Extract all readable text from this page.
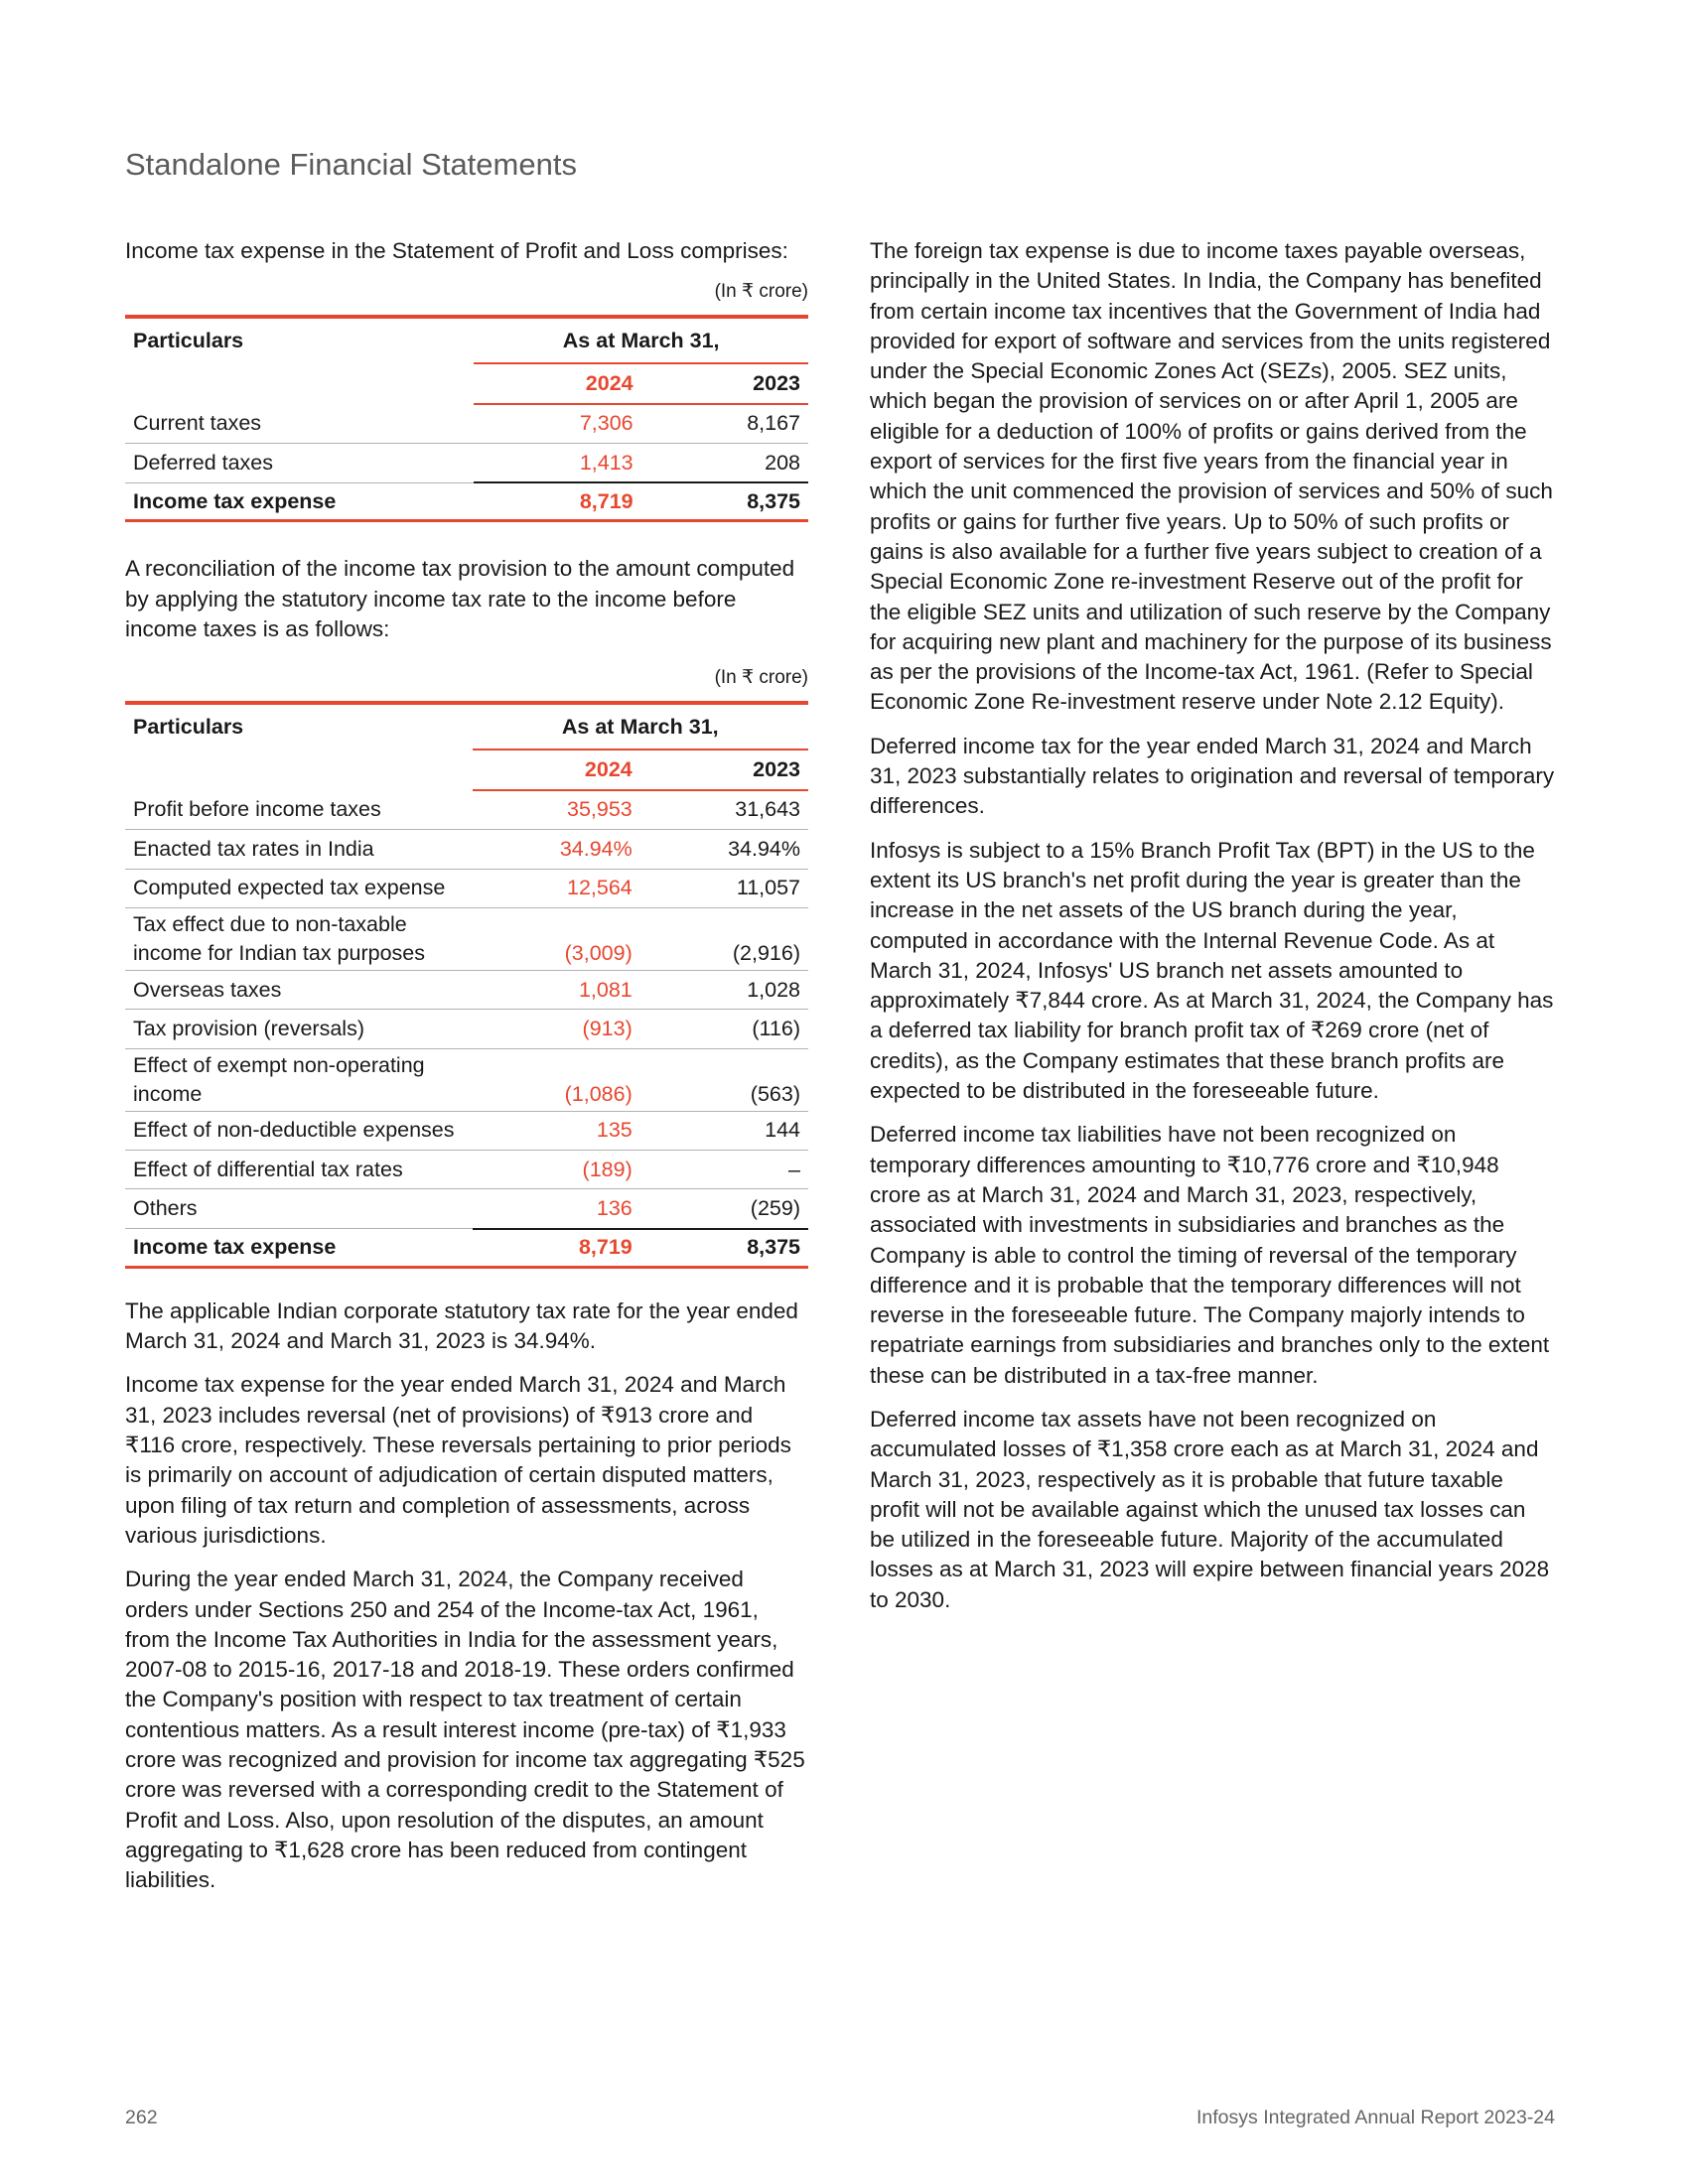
Standalone Financial Statements

Income tax expense in the Statement of Profit and Loss comprises:

(In ₹ crore)
Particulars	As at March 31,	
	2024	2023
Current taxes	7,306	8,167
Deferred taxes	1,413	208
Income tax expense	8,719	8,375

A reconciliation of the income tax provision to the amount computed by applying the statutory income tax rate to the income before income taxes is as follows:

(In ₹ crore)
Particulars	As at March 31,	
	2024	2023
Profit before income taxes	35,953	31,643
Enacted tax rates in India	34.94%	34.94%
Computed expected tax expense	12,564	11,057
Tax effect due to non-taxable income for Indian tax purposes	(3,009)	(2,916)
Overseas taxes	1,081	1,028
Tax provision (reversals)	(913)	(116)
Effect of exempt non-operating income	(1,086)	(563)
Effect of non-deductible expenses	135	144
Effect of differential tax rates	(189)	–
Others	136	(259)
Income tax expense	8,719	8,375

The applicable Indian corporate statutory tax rate for the year ended March 31, 2024 and March 31, 2023 is 34.94%.

Income tax expense for the year ended March 31, 2024 and March 31, 2023 includes reversal (net of provisions) of ₹913 crore and ₹116 crore, respectively. These reversals pertaining to prior periods is primarily on account of adjudication of certain disputed matters, upon filing of tax return and completion of assessments, across various jurisdictions.

During the year ended March 31, 2024, the Company received orders under Sections 250 and 254 of the Income-tax Act, 1961, from the Income Tax Authorities in India for the assessment years, 2007-08 to 2015-16, 2017-18 and 2018-19. These orders confirmed the Company's position with respect to tax treatment of certain contentious matters. As a result interest income (pre-tax) of ₹1,933 crore was recognized and provision for income tax aggregating ₹525 crore was reversed with a corresponding credit to the Statement of Profit and Loss. Also, upon resolution of the disputes, an amount aggregating to ₹1,628 crore has been reduced from contingent liabilities.

The foreign tax expense is due to income taxes payable overseas, principally in the United States. In India, the Company has benefited from certain income tax incentives that the Government of India had provided for export of software and services from the units registered under the Special Economic Zones Act (SEZs), 2005. SEZ units, which began the provision of services on or after April 1, 2005 are eligible for a deduction of 100% of profits or gains derived from the export of services for the first five years from the financial year in which the unit commenced the provision of services and 50% of such profits or gains for further five years. Up to 50% of such profits or gains is also available for a further five years subject to creation of a Special Economic Zone re-investment Reserve out of the profit for the eligible SEZ units and utilization of such reserve by the Company for acquiring new plant and machinery for the purpose of its business as per the provisions of the Income-tax Act, 1961. (Refer to Special Economic Zone Re-investment reserve under Note 2.12 Equity).

Deferred income tax for the year ended March 31, 2024 and March 31, 2023 substantially relates to origination and reversal of temporary differences.

Infosys is subject to a 15% Branch Profit Tax (BPT) in the US to the extent its US branch's net profit during the year is greater than the increase in the net assets of the US branch during the year, computed in accordance with the Internal Revenue Code. As at March 31, 2024, Infosys' US branch net assets amounted to approximately ₹7,844 crore. As at March 31, 2024, the Company has a deferred tax liability for branch profit tax of ₹269 crore (net of credits), as the Company estimates that these branch profits are expected to be distributed in the foreseeable future.

Deferred income tax liabilities have not been recognized on temporary differences amounting to ₹10,776 crore and ₹10,948 crore as at March 31, 2024 and March 31, 2023, respectively, associated with investments in subsidiaries and branches as the Company is able to control the timing of reversal of the temporary difference and it is probable that the temporary differences will not reverse in the foreseeable future. The Company majorly intends to repatriate earnings from subsidiaries and branches only to the extent these can be distributed in a tax-free manner.

Deferred income tax assets have not been recognized on accumulated losses of ₹1,358 crore each as at March 31, 2024 and March 31, 2023, respectively as it is probable that future taxable profit will not be available against which the unused tax losses can be utilized in the foreseeable future. Majority of the accumulated losses as at March 31, 2023 will expire between financial years 2028 to 2030.

262	Infosys Integrated Annual Report 2023-24
